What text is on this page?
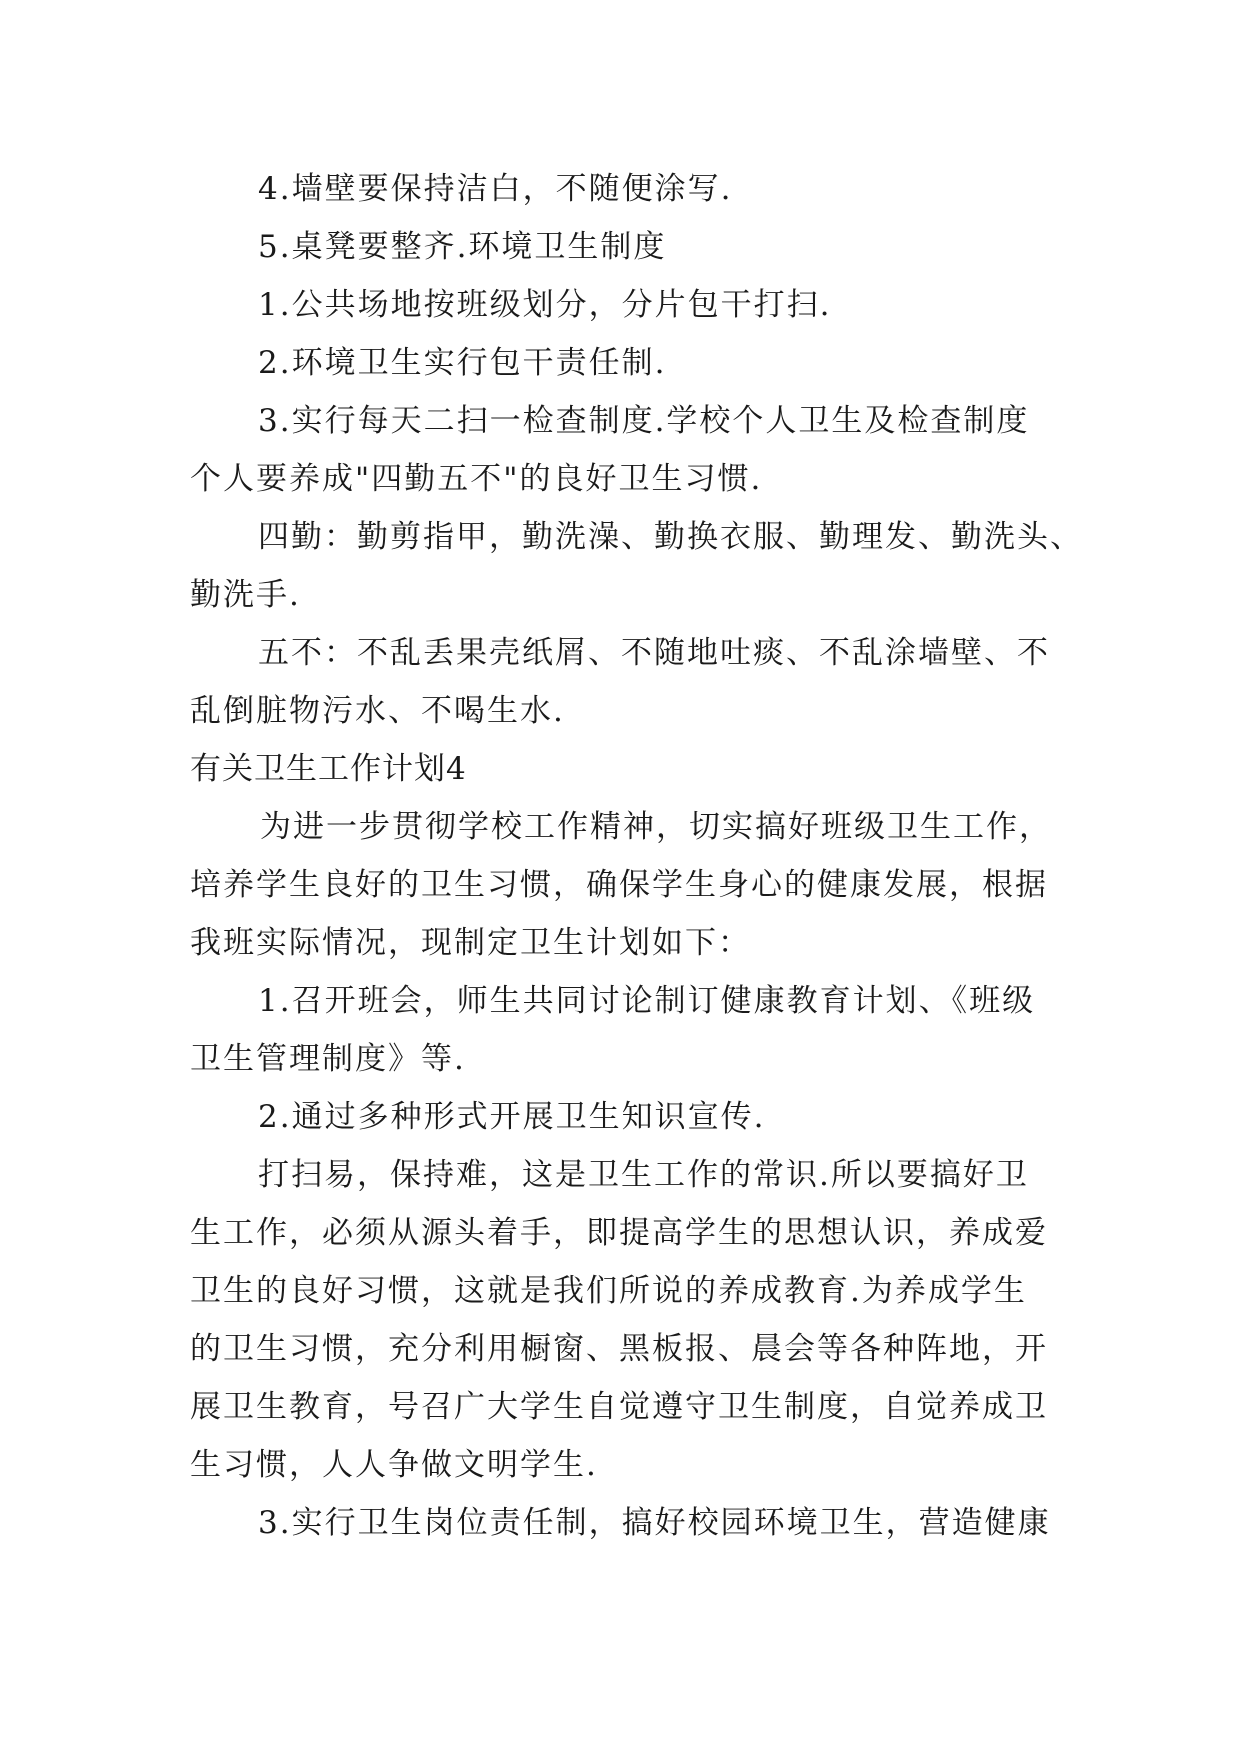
4.墙壁要保持洁白，不随便涂写.
5.桌凳要整齐.环境卫生制度
1.公共场地按班级划分，分片包干打扫.
2.环境卫生实行包干责任制.
3.实行每天二扫一检查制度.学校个人卫生及检查制度
个人要养成"四勤五不"的良好卫生习惯.
四勤：勤剪指甲，勤洗澡、勤换衣服、勤理发、勤洗头、
勤洗手.
五不：不乱丢果壳纸屑、不随地吐痰、不乱涂墙壁、不
乱倒脏物污水、不喝生水.
有关卫生工作计划4
为进一步贯彻学校工作精神，切实搞好班级卫生工作，
培养学生良好的卫生习惯，确保学生身心的健康发展，根据
我班实际情况，现制定卫生计划如下：
1.召开班会，师生共同讨论制订健康教育计划、《班级
卫生管理制度》等.
2.通过多种形式开展卫生知识宣传.
打扫易，保持难，这是卫生工作的常识.所以要搞好卫
生工作，必须从源头着手，即提高学生的思想认识，养成爱
卫生的良好习惯，这就是我们所说的养成教育.为养成学生
的卫生习惯，充分利用橱窗、黑板报、晨会等各种阵地，开
展卫生教育，号召广大学生自觉遵守卫生制度，自觉养成卫
生习惯，人人争做文明学生.
3.实行卫生岗位责任制，搞好校园环境卫生，营造健康
